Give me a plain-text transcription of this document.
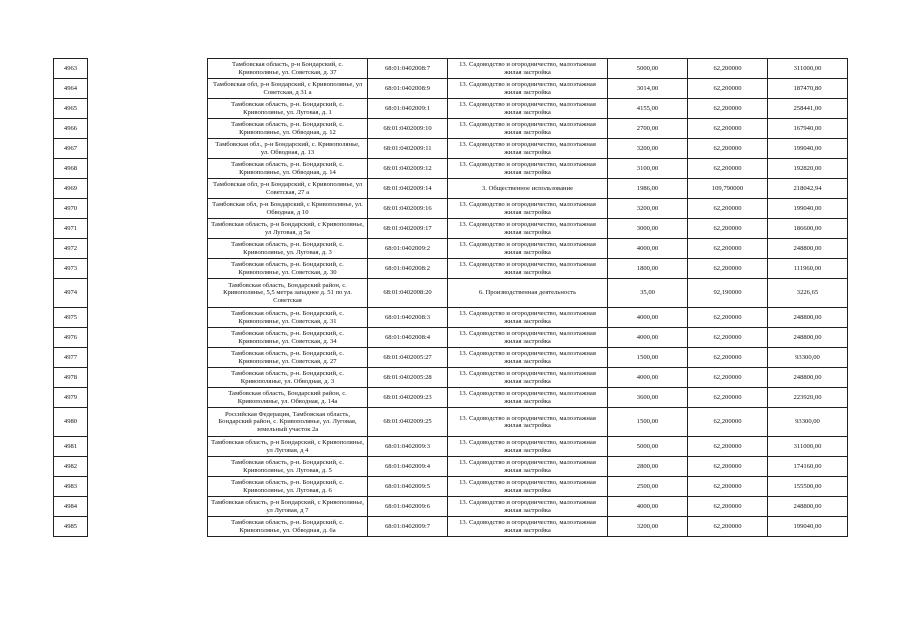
4963		Тамбовская область, р-н Бондарский, с. Кривополянье, ул. Советская, д. 37	68:01:0402008:7	13. Садоводство и огородничество, малоэтажная жилая застройка	5000,00	62,200000	311000,00
4964		Тамбовская обл, р-н Бондарский, с Кривополянье, ул Советская, д 31 а	68:01:0402008:9	13. Садоводство и огородничество, малоэтажная жилая застройка	3014,00	62,200000	187470,80
4965		Тамбовская область, р-н. Бондарский, с. Кривополянье, ул. Луговая, д. 1	68:01:0402009:1	13. Садоводство и огородничество, малоэтажная жилая застройка	4155,00	62,200000	258441,00
4966		Тамбовская область, р-н. Бондарский, с. Кривополянье, ул. Обводная, д. 12	68:01:0402009:10	13. Садоводство и огородничество, малоэтажная жилая застройка	2700,00	62,200000	167940,00
4967		Тамбовская обл., р-н Бондарский, с. Кривополянье, ул. Обводная, д. 13	68:01:0402009:11	13. Садоводство и огородничество, малоэтажная жилая застройка	3200,00	62,200000	199040,00
4968		Тамбовская область, р-н. Бондарский, с. Кривополянье, ул. Обводная, д. 14	68:01:0402009:12	13. Садоводство и огородничество, малоэтажная жилая застройка	3100,00	62,200000	192820,00
4969		Тамбовская обл, р-н Бондарский, с Кривополянье, ул Советская, 27 а	68:01:0402009:14	3. Общественное использование	1986,00	109,790000	218042,94
4970		Тамбовская обл, р-н Бондарский, с Кривополянье, ул. Обводная, д 10	68:01:0402009:16	13. Садоводство и огородничество, малоэтажная жилая застройка	3200,00	62,200000	199040,00
4971		Тамбовская область, р-н Бондарский, с Кривополянье, ул Луговая, д 5а	68:01:0402009:17	13. Садоводство и огородничество, малоэтажная жилая застройка	3000,00	62,200000	186600,00
4972		Тамбовская область, р-н. Бондарский, с. Кривополянье, ул. Луговая, д. 3	68:01:0402009:2	13. Садоводство и огородничество, малоэтажная жилая застройка	4000,00	62,200000	248800,00
4973		Тамбовская область, р-н. Бондарский, с. Кривополянье, ул. Советская, д. 30	68:01:0402008:2	13. Садоводство и огородничество, малоэтажная жилая застройка	1800,00	62,200000	111960,00
4974		Тамбовская область, Бондарский район, с. Кривополянье, 5,5 метра западнее д. 51 по ул. Советская	68:01:0402008:20	6. Производственная деятельность	35,00	92,190000	3226,65
4975		Тамбовская область, р-н. Бондарский, с. Кривополянье, ул. Советская, д. 31	68:01:0402008:3	13. Садоводство и огородничество, малоэтажная жилая застройка	4000,00	62,200000	248800,00
4976		Тамбовская область, р-н. Бондарский, с. Кривополянье, ул. Советская, д. 34	68:01:0402008:4	13. Садоводство и огородничество, малоэтажная жилая застройка	4000,00	62,200000	248800,00
4977		Тамбовская область, р-н. Бондарский, с. Кривополянье, ул. Советская, д. 27	68:01:0402005:27	13. Садоводство и огородничество, малоэтажная жилая застройка	1500,00	62,200000	93300,00
4978		Тамбовская область, р-н. Бондарский, с. Кривополянье, ул. Обводная, д. 3	68:01:0402005:28	13. Садоводство и огородничество, малоэтажная жилая застройка	4000,00	62,200000	248800,00
4979		Тамбовская область, Бондарский район, с. Кривополянье, ул. Обводная, д. 14а	68:01:0402009:23	13. Садоводство и огородничество, малоэтажная жилая застройка	3600,00	62,200000	223920,00
4980		Российская Федерация, Тамбовская область, Бондарский район, с. Кривополянье, ул. Луговая, земельный участок 2а	68:01:0402009:25	13. Садоводство и огородничество, малоэтажная жилая застройка	1500,00	62,200000	93300,00
4981		Тамбовская область, р-н Бондарский, с Кривополянье, ул Луговая, д 4	68:01:0402009:3	13. Садоводство и огородничество, малоэтажная жилая застройка	5000,00	62,200000	311000,00
4982		Тамбовская область, р-н. Бондарский, с. Кривополянье, ул. Луговая, д. 5	68:01:0402009:4	13. Садоводство и огородничество, малоэтажная жилая застройка	2800,00	62,200000	174160,00
4983		Тамбовская область, р-н. Бондарский, с. Кривополянье, ул. Луговая, д. 6	68:01:0402009:5	13. Садоводство и огородничество, малоэтажная жилая застройка	2500,00	62,200000	155500,00
4984		Тамбовская область, р-н Бондарский, с Кривополянье, ул Луговая, д 7	68:01:0402009:6	13. Садоводство и огородничество, малоэтажная жилая застройка	4000,00	62,200000	248800,00
4985		Тамбовская область, р-н. Бондарский, с. Кривополянье, ул. Обводная, д. 6а	68:01:0402009:7	13. Садоводство и огородничество, малоэтажная жилая застройка	3200,00	62,200000	199040,00
